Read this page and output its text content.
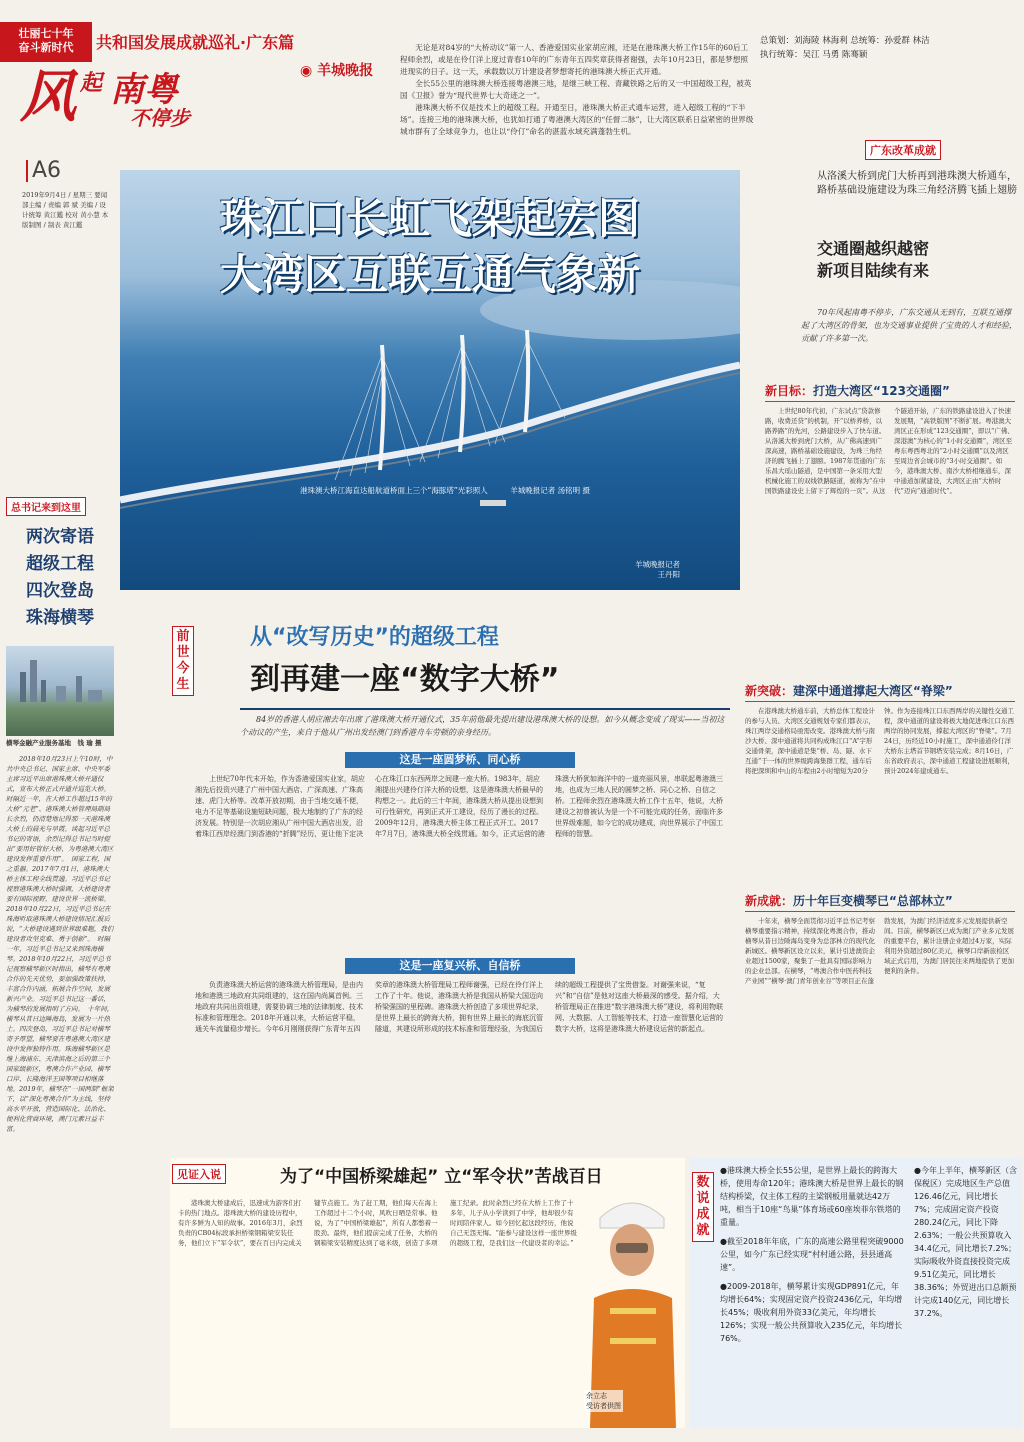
壮丽七十年
奋斗新时代	共和国发展成就巡礼·广东篇
风 起 南粤
不停步
◉ 羊城晚报
A6
2019年9月4日 / 星期三 要闻部主编 / 责编 郭 斌 美编 / 设计统筹 黄江鑑 校对 黄小慧 本版制图 / 制表 黄江鑑
总策划：刘海陵 林海利 总统筹：孙爱群 林洁
执行统筹：吴江 马勇 陈骞颖

无论是对84岁的“大桥动议”第一人、香港爱国实业家胡应湘，还是在港珠澳大桥工作15年的60后工程师余烈，或是在伶仃洋上度过青春10年的广东青年五四奖章获得者谢强，去年10月23日，都是梦想照进现实的日子。这一天，承载数以万计建设者梦想寄托的港珠澳大桥正式开通。

全长55公里的港珠澳大桥连接粤港澳三地，是继三峡工程、青藏铁路之后的又一中国超级工程，被英国《卫报》誉为“现代世界七大奇迹之一”。

港珠澳大桥不仅是技术上的超级工程。开通至日，港珠澳大桥正式通车运营，进入超级工程的“下半场”。连接三地的港珠澳大桥，也犹如打通了粤港澳大湾区的“任督二脉”，让大湾区联系日益紧密的世界级城市群有了全球竞争力，也让以“伶仃”命名的湛蓝水域充满蓬勃生机。

珠江口长虹飞架起宏图
大湾区互联互通气象新
港珠澳大桥江海直达船航道桥面上三个“海豚塔”光彩照人　　　羊城晚报记者 汤铭明 摄
羊城晚报记者
王丹阳
总书记来到这里
两次寄语
超级工程
四次登岛
珠海横琴
横琴金融产业服务基地　钱 瑜 摄
2018年10月23日上午10时，中共中央总书记、国家主席、中央军委主席习近平出席港珠澳大桥开通仪式，宣布大桥正式开通并巡览大桥。　时隔近一年，在大桥工作超过15年的大桥“元老”、港珠澳大桥管理局副局长余烈，仍清楚地记得那一天港珠澳大桥上的晨光与早霞。谈起习近平总书记的寄语，余烈记得总书记当时提出“要用好管好大桥，为粤港澳大湾区建设发挥重要作用”。　国家工程，国之重器。2017年7月1日，港珠澳大桥主体工程全线贯通。习近平总书记视察港珠澳大桥时强调，大桥建设者要有国际视野，建设世界一流桥梁。2018年10月22日，习近平总书记在珠海听取港珠澳大桥建设情况汇报后说，“大桥建设遇到世界级难题，我们建设者攻坚克难、勇于创新”。　时隔一年，习近平总书记又来到珠海横琴。2018年10月22日，习近平总书记视察横琴新区时指出，横琴有粤澳合作的先天优势，要加强政策扶持，丰富合作内涵，拓展合作空间，发展新兴产业。习近平总书记这一番话，为横琴的发展指明了方向。　十年间，横琴从昔日边陲海岛，发展为一片热土。四次登岛，习近平总书记对横琴寄予厚望，横琴要在粤港澳大湾区建设中发挥独特作用。珠海横琴新区是继上海浦东、天津滨海之后的第三个国家级新区，粤澳合作产业园、横琴口岸、长隆海洋王国等项目相继落地。2019年，横琴在“一国两制”框架下，以“深化粤澳合作”为主线，坚持高水平开放，营造国际化、法治化、便利化营商环境，澳门元素日益丰富。
前世今生
从“改写历史”的超级工程
到再建一座“数字大桥”
84岁的香港人胡应湘去年出席了港珠澳大桥开通仪式，35年前他最先提出建设港珠澳大桥的设想。如今从概念变成了现实——当初这个动议的产生，来自于他从广州出发经澳门到香港舟车劳顿的亲身经历。
这是一座圆梦桥、同心桥
上世纪70年代末开始，作为香港爱国实业家，胡应湘先后投资兴建了广州中国大酒店、广深高速、广珠高速、虎门大桥等。改革开放初期，由于当地交通不便，电力不足等基础设施短缺问题，极大地制约了广东的经济发展。特别是一次胡应湘从广州中国大酒店出发，沿着珠江西岸经澳门到香港的“折腾”经历，更让他下定决心在珠江口东西两岸之间建一座大桥。1983年，胡应湘提出兴建伶仃洋大桥的设想，这是港珠澳大桥最早的构想之一。此后的三十年间，港珠澳大桥从提出设想到可行性研究，再到正式开工建设，经历了漫长的过程。2009年12月，港珠澳大桥主体工程正式开工。2017年7月7日，港珠澳大桥全线贯通。如今，正式运营的港珠澳大桥犹如海洋中的一道亮丽风景，串联起粤港澳三地，也成为三地人民的圆梦之桥、同心之桥、自信之桥。工程师余烈在港珠澳大桥工作十五年，他说，大桥建设之初曾被认为是一个不可能完成的任务，面临许多世界级难题，如今它的成功建成，向世界展示了中国工程师的智慧。
这是一座复兴桥、自信桥
负责港珠澳大桥运营的港珠澳大桥管理局，是由内地和港澳三地政府共同组建的，这在国内尚属首例。三地政府共同出资组建，需要协调三地的法律制度、技术标准和管理理念。2018年开通以来，大桥运营平稳，通关车流量稳步增长。今年6月刚刚获得广东青年五四奖章的港珠澳大桥管理局工程师谢强，已经在伶仃洋上工作了十年。他说，港珠澳大桥是我国从桥梁大国迈向桥梁强国的里程碑。港珠澳大桥创造了多项世界纪录，是世界上最长的跨海大桥，拥有世界上最长的海底沉管隧道，其建设所形成的技术标准和管理经验，为我国后续的超级工程提供了宝贵借鉴。对谢强来说，“复兴”和“自信”是他对这座大桥最深的感受。据介绍，大桥管理局正在推进“数字港珠澳大桥”建设，将利用物联网、大数据、人工智能等技术，打造一座智慧化运营的数字大桥，这将是港珠澳大桥建设运营的新起点。
见证入说	为了“中国桥梁雄起” 立“军令状”苦战百日
港珠澳大桥建成后，迅速成为游客们打卡的热门地点。港珠澳大桥的建设历程中，有许多鲜为人知的故事。2016年3月，余烈负责的CB04标段承担桥梁钢箱梁安装任务，他们立下“军令状”，要在百日内完成关键节点施工。为了赶工期，他们每天在海上工作超过十二个小时，风吹日晒是常事。他说，为了“中国桥梁雄起”，所有人都憋着一股劲。最终，他们提前完成了任务，大桥的钢箱梁安装精度达到了毫米级，创造了多项施工纪录。此时余烈已经在大桥上工作了十多年，儿子从小学读到了中学，他却很少有时间陪伴家人。如今回忆起这段经历，他说自己无怨无悔。“能参与建设这样一座世界级的超级工程，是我们这一代建设者的幸运。”
余立志
受访者供图
广东改革成就
从洛溪大桥到虎门大桥再到港珠澳大桥通车，路桥基础设施建设为珠三角经济腾飞插上翅膀
交通圈越织越密
新项目陆续有来
70年风起南粤不停步，广东交通从无到有，互联互通撑起了大湾区的骨架，也为交通事业提供了宝贵的人才和经验，贡献了许多第一次。
新目标：打造大湾区“123交通圈”
上世纪80年代初，广东试点“贷款修路，收费还贷”的机制，开“以桥养桥，以路养路”的先河，公路建设步入了快车道。从洛溪大桥到虎门大桥，从广佛高速到广深高速，路桥基础设施建设，为珠三角经济的腾飞插上了翅膀。1987年贯通的广东乐昌大瑶山隧道，是中国第一条采用大型机械化施工的双线铁路隧道，被称为“在中国铁路建设史上留下了辉煌的一页”。从这个隧道开始，广东的铁路建设进入了快速发展期，“高铁版图”不断扩展。粤港澳大湾区正在形成“123交通圈”，即以“广佛、深港澳”为核心的“1小时交通圈”，湾区至粤东粤西粤北的“2小时交通圈”以及湾区至周边省会城市的“3小时交通圈”。如今，港珠澳大桥、南沙大桥相继通车，深中通道加紧建设，大湾区正由“大桥时代”迈向“通道时代”。
新突破：建深中通道撑起大湾区“脊梁”
在港珠澳大桥通车前，大桥总体工程设计的参与人员、大湾区交通规划专家们都表示，珠江两岸交通格局亟需改变。港珠澳大桥与南沙大桥、深中通道将共同构成珠江口“A”字形交通骨架，深中通道是集“桥、岛、隧、水下互通”于一体的世界级跨海集群工程，通车后将把深圳和中山的车程由2小时缩短为20分钟。作为连接珠江口东西两岸的关键性交通工程，深中通道的建设将极大地促进珠江口东西两岸的协同发展，撑起大湾区的“脊梁”。7月24日，历经近10小时施工，深中通道伶仃洋大桥东主塔首节钢塔安装完成；8月16日，广东省政府表示，深中通道工程建设进展顺利，预计2024年建成通车。
新成就：历十年巨变横琴已“总部林立”
十年来，横琴全面贯彻习近平总书记考察横琴重要指示精神，持续深化粤澳合作，推动横琴从昔日边陲海岛变身为总部林立的现代化新城区。横琴新区设立以来，累计引进澳资企业超过1500家，聚集了一批具有国际影响力的企业总部。在横琴，“粤澳合作中医药科技产业园”“横琴·澳门青年创业谷”等项目正在蓬勃发展，为澳门经济适度多元发展提供新空间。目前，横琴新区已成为澳门产业多元发展的重要平台，累计注册企业超过4万家，实际利用外资超过80亿美元，横琴口岸新旅检区域正式启用，为澳门居民往来两地提供了更加便利的条件。
数说成就

●港珠澳大桥全长55公里，是世界上最长的跨海大桥，使用寿命120年；港珠澳大桥是世界上最长的钢结构桥梁，仅主体工程的主梁钢板用量就达42万吨，相当于10座“鸟巢”体育场或60座埃菲尔铁塔的重量。

●截至2018年年底，广东的高速公路里程突破9000公里，如今广东已经实现“村村通公路，县县通高速”。

●2009-2018年，横琴累计实现GDP891亿元，年均增长64%；实现固定资产投资2436亿元，年均增长45%；吸收利用外资33亿美元，年均增长126%；实现一般公共预算收入235亿元，年均增长76%。

●今年上半年，横琴新区（含保税区）完成地区生产总值126.46亿元，同比增长7%；完成固定资产投资280.24亿元，同比下降2.63%；一般公共预算收入34.4亿元，同比增长7.2%；实际吸收外资直接投资完成9.51亿美元，同比增长38.36%；外贸进出口总额预计完成140亿元，同比增长37.2%。
